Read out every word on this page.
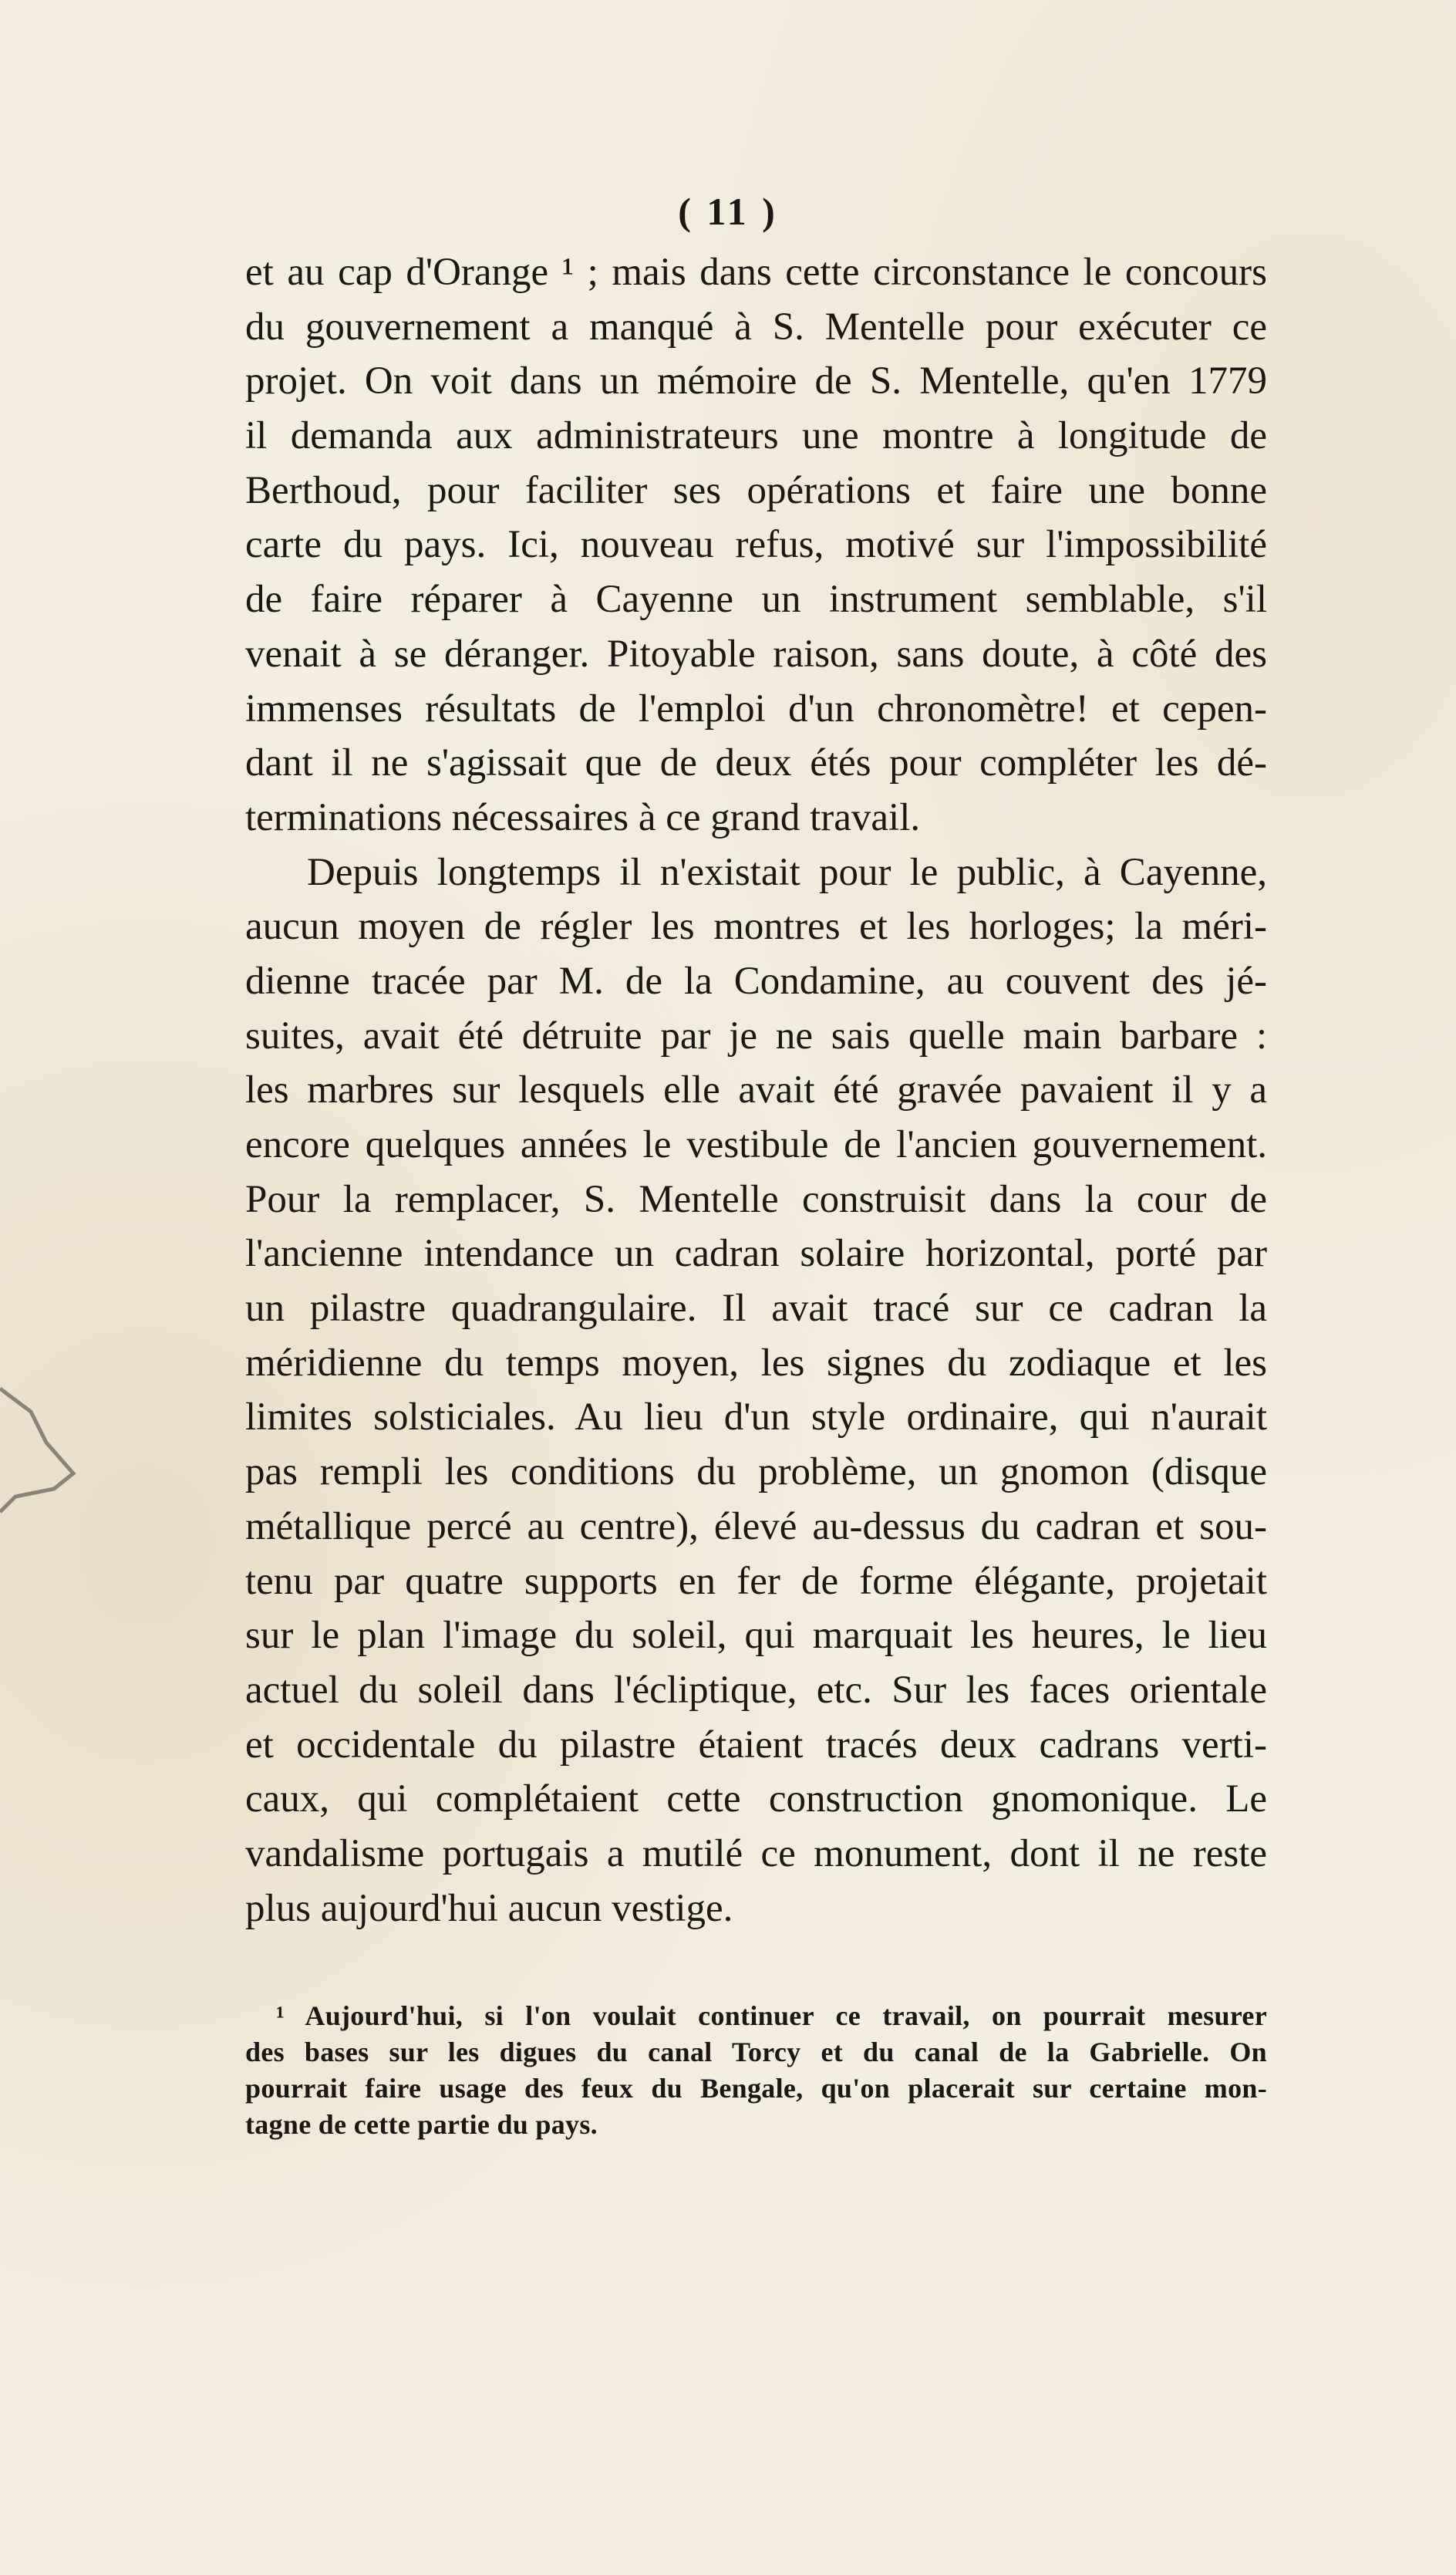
( 11 )
et au cap d'Orange ¹ ; mais dans cette circonstance le concours
du gouvernement a manqué à S. Mentelle pour exécuter ce
projet. On voit dans un mémoire de S. Mentelle, qu'en 1779
il demanda aux administrateurs une montre à longitude de
Berthoud, pour faciliter ses opérations et faire une bonne
carte du pays. Ici, nouveau refus, motivé sur l'impossibilité
de faire réparer à Cayenne un instrument semblable, s'il
venait à se déranger. Pitoyable raison, sans doute, à côté des
immenses résultats de l'emploi d'un chronomètre! et cepen-
dant il ne s'agissait que de deux étés pour compléter les dé-
terminations nécessaires à ce grand travail.
Depuis longtemps il n'existait pour le public, à Cayenne,
aucun moyen de régler les montres et les horloges; la méri-
dienne tracée par M. de la Condamine, au couvent des jé-
suites, avait été détruite par je ne sais quelle main barbare :
les marbres sur lesquels elle avait été gravée pavaient il y a
encore quelques années le vestibule de l'ancien gouvernement.
Pour la remplacer, S. Mentelle construisit dans la cour de
l'ancienne intendance un cadran solaire horizontal, porté par
un pilastre quadrangulaire. Il avait tracé sur ce cadran la
méridienne du temps moyen, les signes du zodiaque et les
limites solsticiales. Au lieu d'un style ordinaire, qui n'aurait
pas rempli les conditions du problème, un gnomon (disque
métallique percé au centre), élevé au-dessus du cadran et sou-
tenu par quatre supports en fer de forme élégante, projetait
sur le plan l'image du soleil, qui marquait les heures, le lieu
actuel du soleil dans l'écliptique, etc. Sur les faces orientale
et occidentale du pilastre étaient tracés deux cadrans verti-
caux, qui complétaient cette construction gnomonique. Le
vandalisme portugais a mutilé ce monument, dont il ne reste
plus aujourd'hui aucun vestige.
¹ Aujourd'hui, si l'on voulait continuer ce travail, on pourrait mesurer
des bases sur les digues du canal Torcy et du canal de la Gabrielle. On
pourrait faire usage des feux du Bengale, qu'on placerait sur certaine mon-
tagne de cette partie du pays.
